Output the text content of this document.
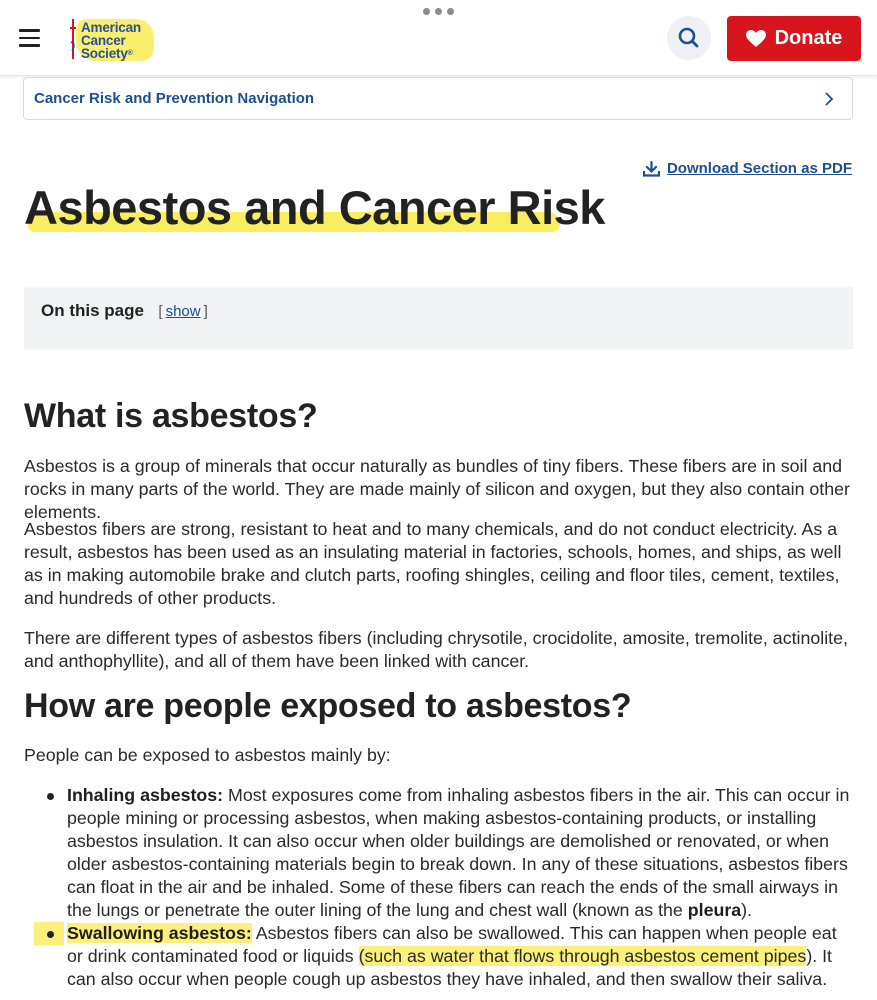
American
Cancer
Society®
Donate
Cancer Risk and Prevention Navigation
Download Section as PDF
Asbestos and Cancer Risk
On this page [ show ]
What is asbestos?

Asbestos is a group of minerals that occur naturally as bundles of tiny fibers. These fibers are in soil and rocks in many parts of the world. They are made mainly of silicon and oxygen, but they also contain other elements.

Asbestos fibers are strong, resistant to heat and to many chemicals, and do not conduct electricity. As a result, asbestos has been used as an insulating material in factories, schools, homes, and ships, as well as in making automobile brake and clutch parts, roofing shingles, ceiling and floor tiles, cement, textiles, and hundreds of other products.

There are different types of asbestos fibers (including chrysotile, crocidolite, amosite, tremolite, actinolite, and anthophyllite), and all of them have been linked with cancer.

How are people exposed to asbestos?

People can be exposed to asbestos mainly by:

Inhaling asbestos: Most exposures come from inhaling asbestos fibers in the air. This can occur in people mining or processing asbestos, when making asbestos-containing products, or installing asbestos insulation. It can also occur when older buildings are demolished or renovated, or when older asbestos-containing materials begin to break down. In any of these situations, asbestos fibers can float in the air and be inhaled. Some of these fibers can reach the ends of the small airways in the lungs or penetrate the outer lining of the lung and chest wall (known as the pleura).
Swallowing asbestos: Asbestos fibers can also be swallowed. This can happen when people eat or drink contaminated food or liquids (such as water that flows through asbestos cement pipes). It can also occur when people cough up asbestos they have inhaled, and then swallow their saliva.
